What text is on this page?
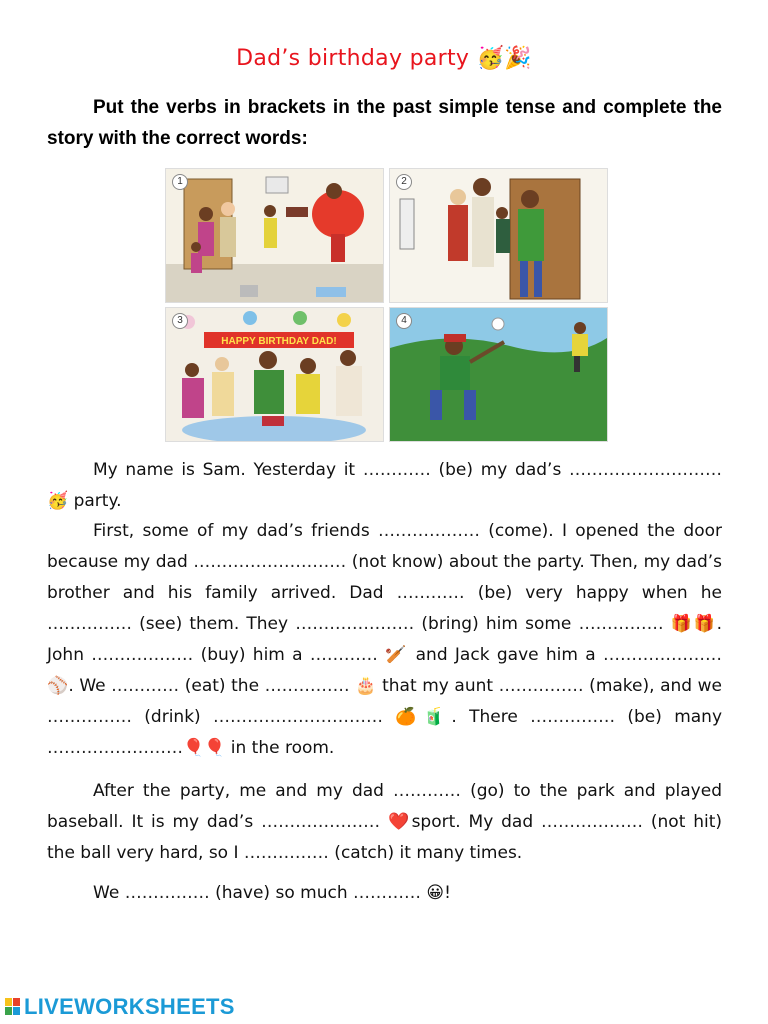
Dad’s birthday party 🥳🎉
Put the verbs in brackets in the past simple tense and complete the story with the correct words:
1	2
HAPPY BIRTHDAY DAD!
3	4

My name is Sam. Yesterday it ………… (be) my dad’s ……………………… 🥳 party.

First, some of my dad’s friends ……………… (come). I opened the door because my dad ……………………… (not know) about the party. Then, my dad’s brother and his family arrived. Dad ………… (be) very happy when he …………… (see) them. They ………………… (bring) him some …………… 🎁🎁. John ……………… (buy) him a ………… 🏏 and Jack gave him a ………………… ⚾. We ………… (eat) the …………… 🎂 that my aunt …………… (make), and we …………… (drink) ………………………… 🍊🧃. There …………… (be) many ……………………🎈🎈 in the room.

After the party, me and my dad ………… (go) to the park and played baseball. It is my dad’s ………………… ❤️sport. My dad ……………… (not hit) the ball very hard, so I …………… (catch) it many times.

We …………… (have) so much ………… 😀!

LIVEWORKSHEETS
